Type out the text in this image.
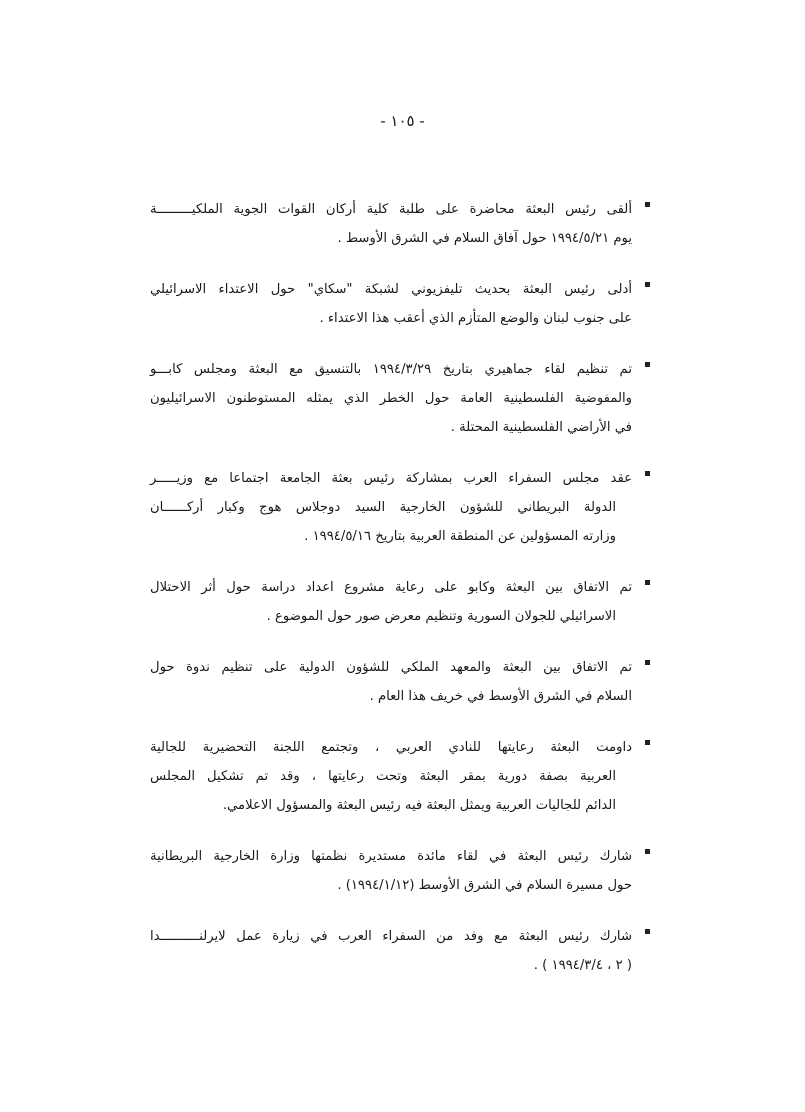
- ١٠٥ -
ألقى رئيس البعثة محاضرة على طلبة كلية أركان القوات الجوية الملكيـــــــــة
يوم ١٩٩٤/٥/٢١ حول آفاق السلام في الشرق الأوسط .
أدلى رئيس البعثة بحديث تليفزيوني لشبكة "سكاي" حول الاعتداء الاسرائيلي
على جنوب لبنان والوضع المتأزم الذي أعقب هذا الاعتداء .
تم تنظيم لقاء جماهيري بتاريخ ١٩٩٤/٣/٢٩ بالتنسيق مع البعثة ومجلس كابـــو
والمفوضية الفلسطينية العامة حول الخطر الذي يمثله المستوطنون الاسرائيليون
في الأراضي الفلسطينية المحتلة .
عقد مجلس السفراء العرب بمشاركة رئيس بعثة الجامعة اجتماعا مع وزيـــــر
الدولة البريطاني للشؤون الخارجية السيد دوجلاس هوج وكبار أركــــــان
وزارته المسؤولين عن المنطقة العربية بتاريخ ١٩٩٤/٥/١٦ .
تم الاتفاق بين البعثة وكابو على رعاية مشروع اعداد دراسة حول أثر الاحتلال
الاسرائيلي للجولان السورية وتنظيم معرض صور حول الموضوع .
تم الاتفاق بين البعثة والمعهد الملكي للشؤون الدولية على تنظيم ندوة حول
السلام في الشرق الأوسط في خريف هذا العام .
داومت البعثة رعايتها للنادي العربي ، وتجتمع اللجنة التحضيرية للجالية
العربية بصفة دورية بمقر البعثة وتحت رعايتها ، وقد تم تشكيل المجلس
الدائم للجاليات العربية ويمثل البعثة فيه رئيس البعثة والمسؤول الاعلامي.
شارك رئيس البعثة في لقاء مائدة مستديرة نظمتها وزارة الخارجية البريطانية
حول مسيرة السلام في الشرق الأوسط (١٩٩٤/١/١٢) .
شارك رئيس البعثة مع وفد من السفراء العرب في زيارة عمل لايرلنــــــــــدا
( ٢ ، ١٩٩٤/٣/٤ ) .
